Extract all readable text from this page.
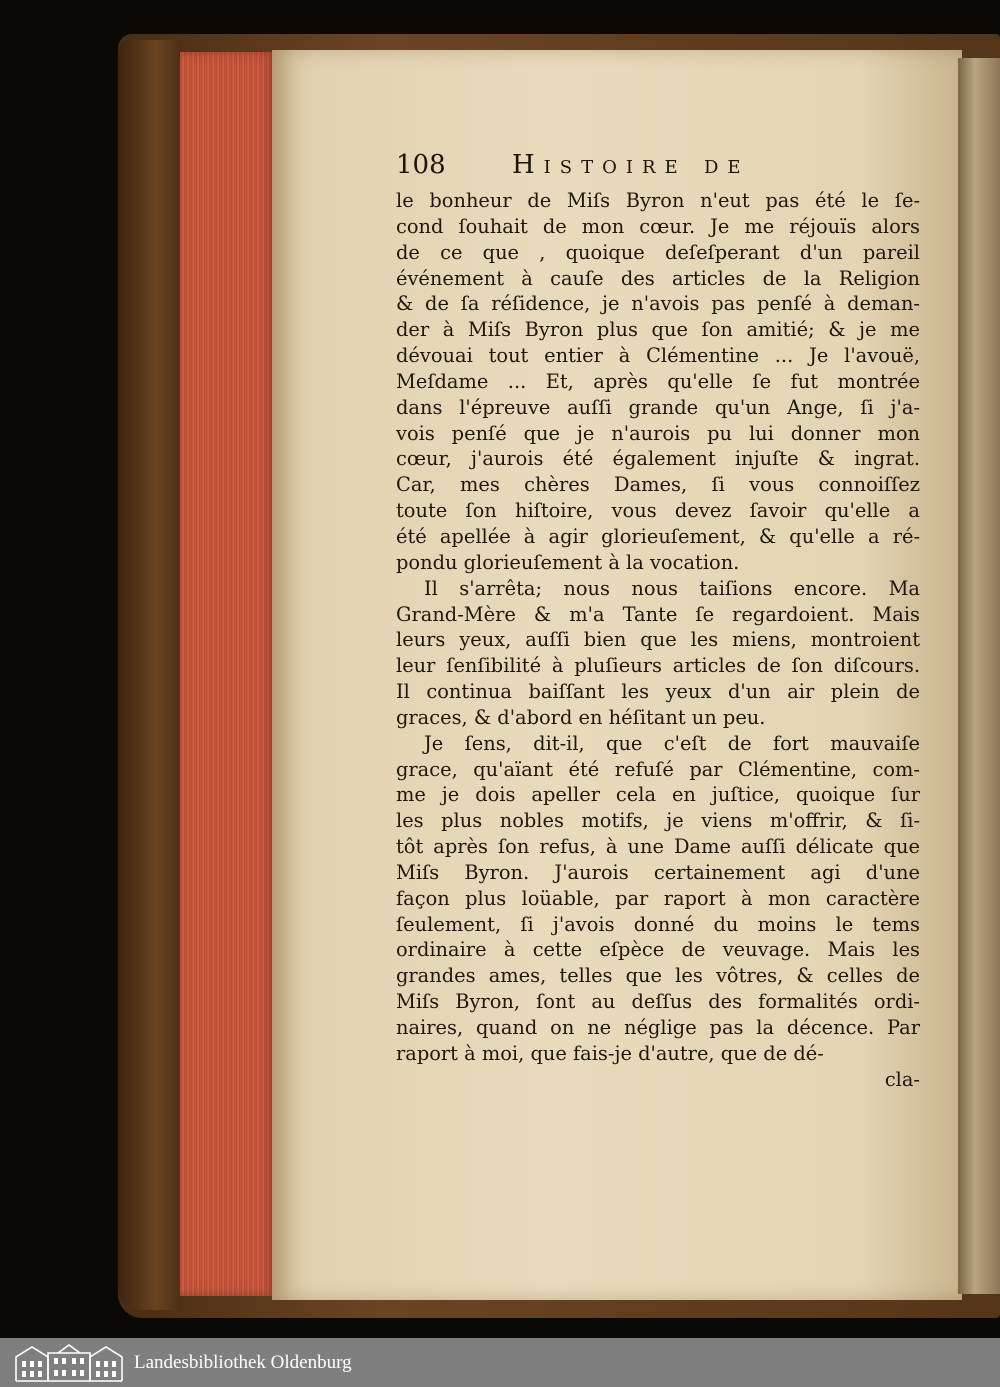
108	Histoire de
le bonheur de Miſs Byron n'eut pas été le ſe-
cond ſouhait de mon cœur. Je me réjouïs alors
de ce que , quoique deſeſperant d'un pareil
événement à cauſe des articles de la Religion
& de ſa réſidence, je n'avois pas penſé à deman-
der à Miſs Byron plus que ſon amitié; & je me
dévouai tout entier à Clémentine ... Je l'avouë,
Meſdame ... Et, après qu'elle ſe fut montrée
dans l'épreuve auſſi grande qu'un Ange, ſi j'a-
vois penſé que je n'aurois pu lui donner mon
cœur, j'aurois été également injuſte & ingrat.
Car, mes chères Dames, ſi vous connoiſſez
toute ſon hiſtoire, vous devez ſavoir qu'elle a
été apellée à agir glorieuſement, & qu'elle a ré-
pondu glorieuſement à la vocation.
Il s'arrêta; nous nous taiſions encore. Ma
Grand-Mère & m'a Tante ſe regardoient. Mais
leurs yeux, auſſi bien que les miens, montroient
leur ſenſibilité à pluſieurs articles de ſon diſcours.
Il continua baiſſant les yeux d'un air plein de
graces, & d'abord en héſitant un peu.
Je ſens, dit-il, que c'eſt de fort mauvaiſe
grace, qu'aïant été refuſé par Clémentine, com-
me je dois apeller cela en juſtice, quoique ſur
les plus nobles motifs, je viens m'offrir, & ſi-
tôt après ſon refus, à une Dame auſſi délicate que
Miſs Byron. J'aurois certainement agi d'une
façon plus loüable, par raport à mon caractère
ſeulement, ſi j'avois donné du moins le tems
ordinaire à cette eſpèce de veuvage. Mais les
grandes ames, telles que les vôtres, & celles de
Miſs Byron, ſont au deſſus des formalités ordi-
naires, quand on ne néglige pas la décence. Par
raport à moi, que fais-je d'autre, que de dé-
cla-
Landesbibliothek Oldenburg
